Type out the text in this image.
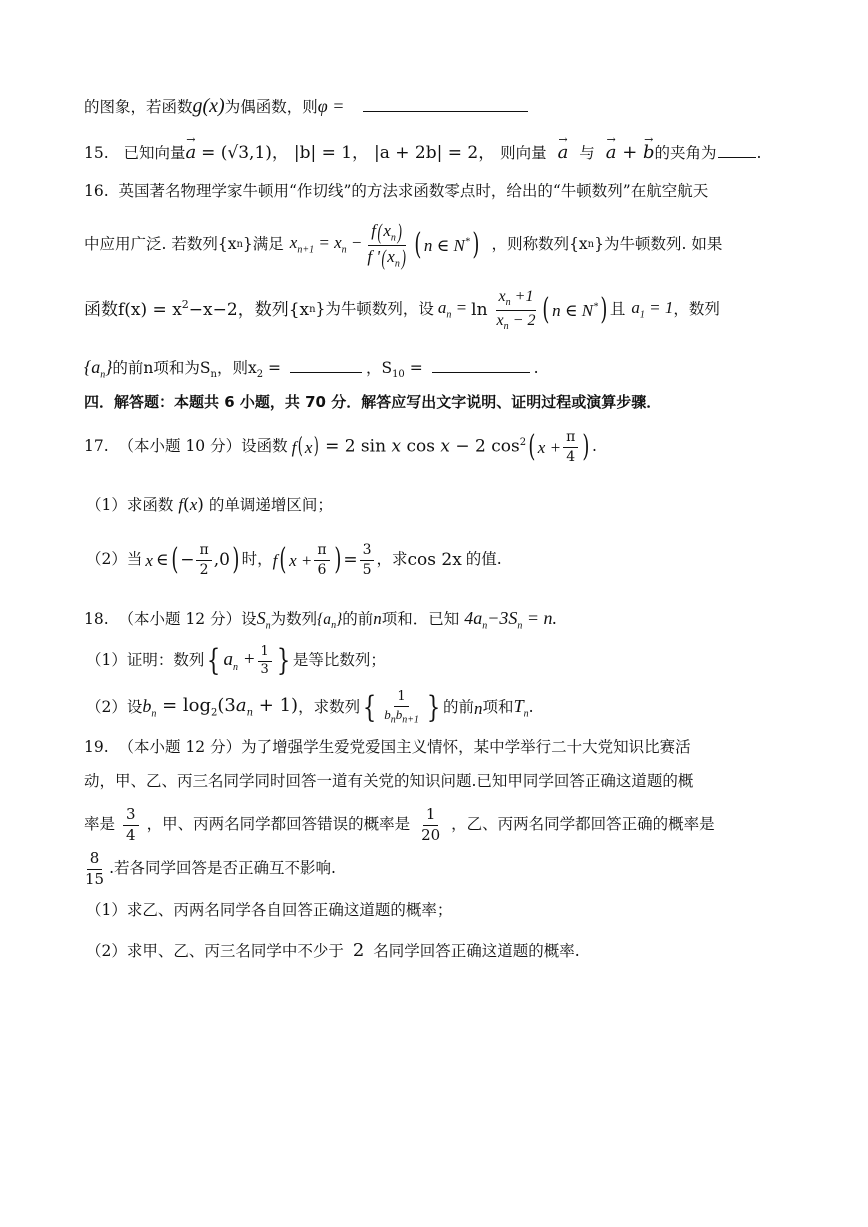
的图象，若函数g(x)为偶函数，则φ =
15. 已知向量a → = (√3,1)， |b| = 1， |a + 2b| = 2， 则向量 a → 与 a → + b →的夹角为	.
16. 英国著名物理学家牛顿用“作切线”的方法求函数零点时，给出的“牛顿数列”在航空航天
中应用广泛. 若数列{x n }满足 $x_{n+1} = x_n - \frac{f(x_n)}{f '(x_n)}$ ( n ∈ N* ) ， 则称数列{x n }为牛顿数列. 如果
函数$f(x) = x^2 -x-2$，数列{x n }为牛顿数列，设 $a_n = \ln \frac{x_n +1}{x_n - 2}$ ( n ∈ N* ) 且 $a_1 = 1$ ，数列
$\{a_n\}$的前n项和为$S_n$，则$x_2$ =	，$S_{10}$ =	.
四．解答题：本题共 6 小题，共 70 分．解答应写出文字说明、证明过程或演算步骤．
17.
（本小题 10 分）设函数 f ( x ) = 2 sin x cos x − 2 $\cos^2$ ( $x + \frac{\pi}{4}$ ) .
（1）求函数 f(x) 的单调递增区间；
（2）当 x ∈ ( − $\frac{\pi}{2} ,0$ ) 时， f ( $x + \frac{\pi}{6}$ ) = $\frac{3}{5}$ ，求 cos 2x 的值.
18. （本小题 12 分）设$S_n$为数列$\{a_n\}$的前n项和．已知 $4a_n-3S_n = n$.
（1）证明：数列 { $a_n + \frac{1}{3}$ } 是等比数列；
（2）设 $b_n = \log_2(3a_n + 1)$ ，求数列 { $\frac{1}{b_nb_{n+1}}$ } 的前 n 项和 $T_n$ .
19. （本小题 12 分）为了增强学生爱党爱国主义情怀，某中学举行二十大党知识比赛活
动，甲、乙、丙三名同学同时回答一道有关党的知识问题.已知甲同学回答正确这道题的概
率是 $\frac{3}{4}$ ，甲、丙两名同学都回答错误的概率是 $\frac{1}{20}$ ，乙、丙两名同学都回答正确的概率是
$\frac{8}{15}$ .若各同学回答是否正确互不影响.
（1）求乙、丙两名同学各自回答正确这道题的概率；
（2）求甲、乙、丙三名同学中不少于 2 名同学回答正确这道题的概率.
